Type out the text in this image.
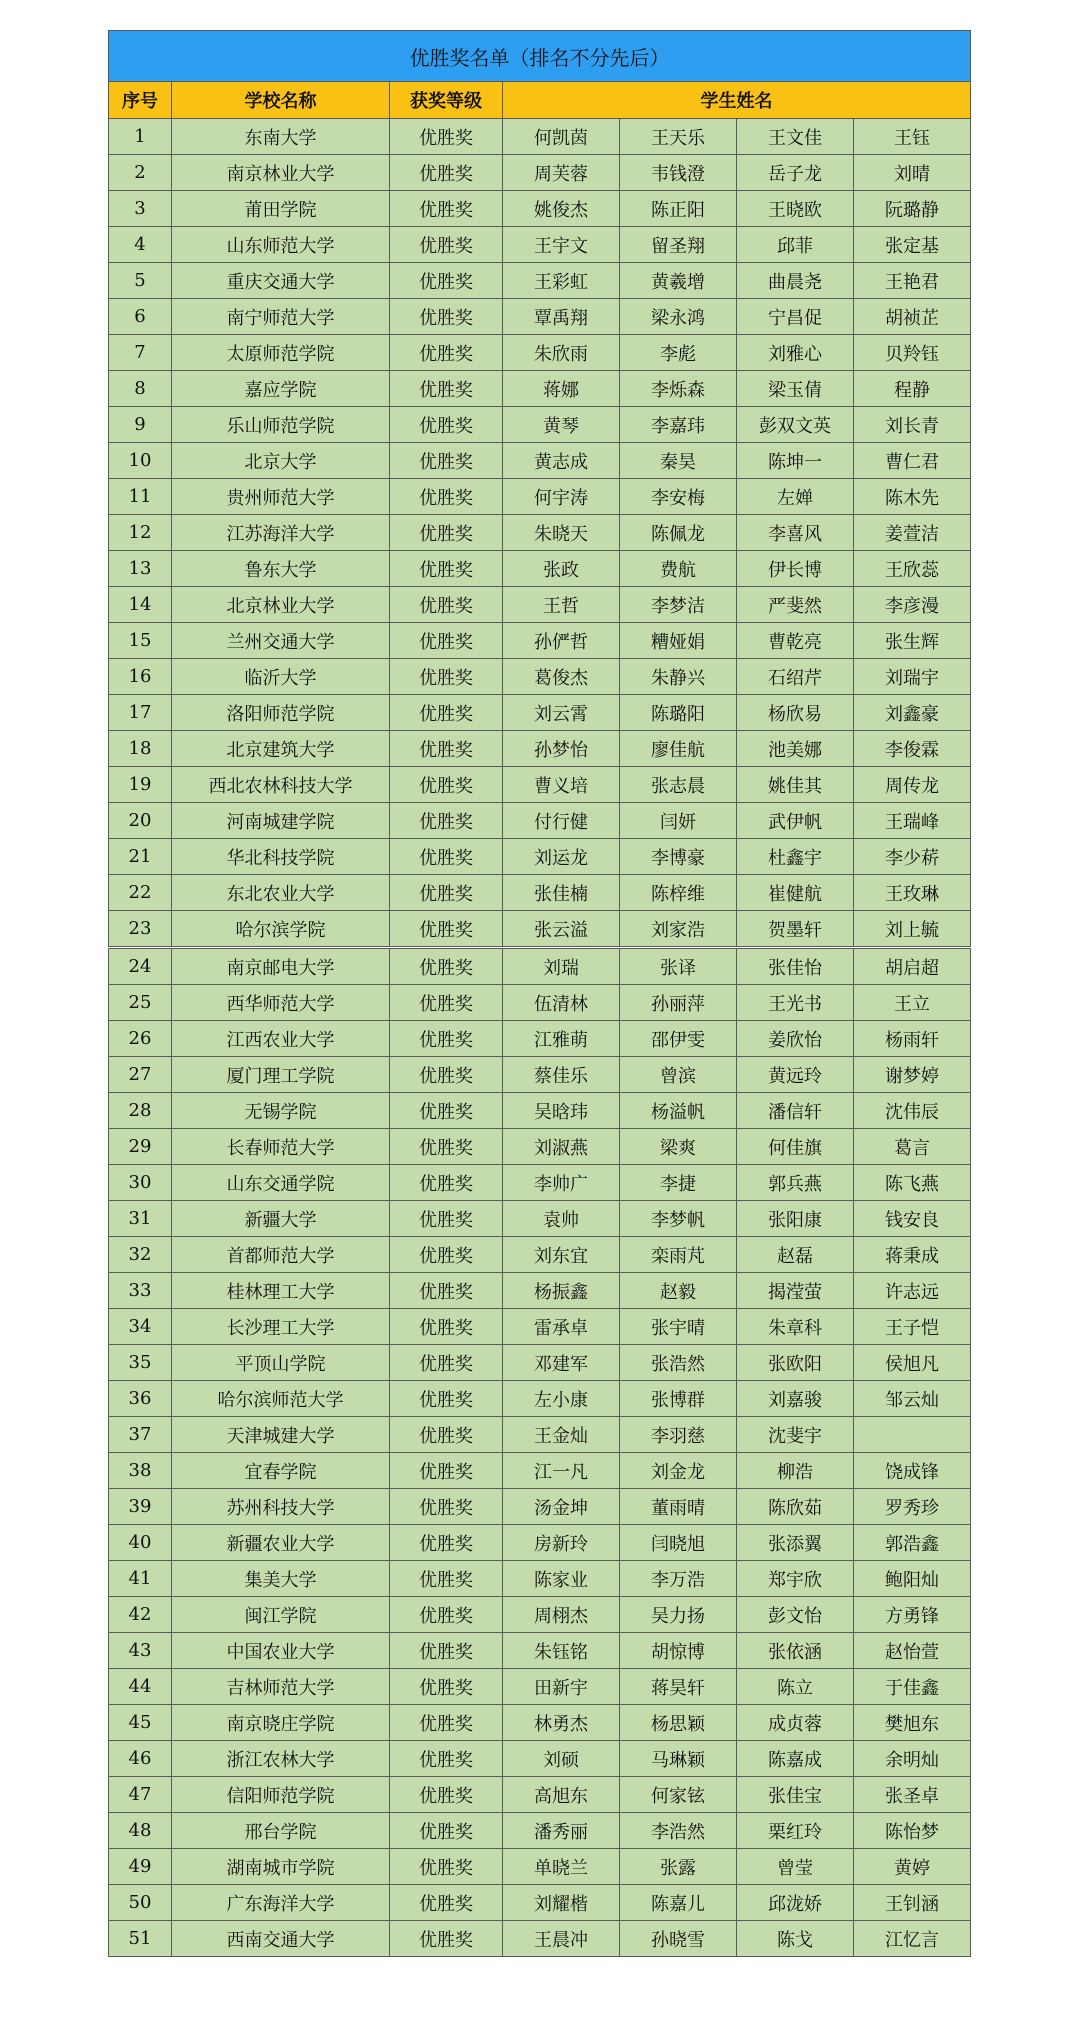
优胜奖名单（排名不分先后）						
序号	学校名称	获奖等级	学生姓名			
1	东南大学	优胜奖	何凯茵	王天乐	王文佳	王钰
2	南京林业大学	优胜奖	周芙蓉	韦钱澄	岳子龙	刘晴
3	莆田学院	优胜奖	姚俊杰	陈正阳	王晓欧	阮璐静
4	山东师范大学	优胜奖	王宇文	留圣翔	邱菲	张定基
5	重庆交通大学	优胜奖	王彩虹	黄羲增	曲晨尧	王艳君
6	南宁师范大学	优胜奖	覃禹翔	梁永鸿	宁昌促	胡祯芷
7	太原师范学院	优胜奖	朱欣雨	李彪	刘雅心	贝羚钰
8	嘉应学院	优胜奖	蒋娜	李烁森	梁玉倩	程静
9	乐山师范学院	优胜奖	黄琴	李嘉玮	彭双文英	刘长青
10	北京大学	优胜奖	黄志成	秦昊	陈坤一	曹仁君
11	贵州师范大学	优胜奖	何宇涛	李安梅	左婵	陈木先
12	江苏海洋大学	优胜奖	朱晓天	陈佩龙	李喜风	姜萱洁
13	鲁东大学	优胜奖	张政	费航	伊长博	王欣蕊
14	北京林业大学	优胜奖	王哲	李梦洁	严斐然	李彦漫
15	兰州交通大学	优胜奖	孙俨哲	糟娅娟	曹乾亮	张生辉
16	临沂大学	优胜奖	葛俊杰	朱静兴	石绍芹	刘瑞宇
17	洛阳师范学院	优胜奖	刘云霄	陈璐阳	杨欣易	刘鑫豪
18	北京建筑大学	优胜奖	孙梦怡	廖佳航	池美娜	李俊霖
19	西北农林科技大学	优胜奖	曹义培	张志晨	姚佳其	周传龙
20	河南城建学院	优胜奖	付行健	闫妍	武伊帆	王瑞峰
21	华北科技学院	优胜奖	刘运龙	李博豪	杜鑫宇	李少菥
22	东北农业大学	优胜奖	张佳楠	陈梓维	崔健航	王玫琳
23	哈尔滨学院	优胜奖	张云溢	刘家浩	贺墨轩	刘上毓

24	南京邮电大学	优胜奖	刘瑞	张译	张佳怡	胡启超
25	西华师范大学	优胜奖	伍清林	孙丽萍	王光书	王立
26	江西农业大学	优胜奖	江雅萌	邵伊雯	姜欣怡	杨雨轩
27	厦门理工学院	优胜奖	蔡佳乐	曾滨	黄远玲	谢梦婷
28	无锡学院	优胜奖	吴晗玮	杨溢帆	潘信轩	沈伟辰
29	长春师范大学	优胜奖	刘淑燕	梁爽	何佳旗	葛言
30	山东交通学院	优胜奖	李帅广	李捷	郭兵燕	陈飞燕
31	新疆大学	优胜奖	袁帅	李梦帆	张阳康	钱安良
32	首都师范大学	优胜奖	刘东宜	栾雨芃	赵磊	蒋秉成
33	桂林理工大学	优胜奖	杨振鑫	赵毅	揭滢萤	许志远
34	长沙理工大学	优胜奖	雷承卓	张宇晴	朱章科	王子恺
35	平顶山学院	优胜奖	邓建军	张浩然	张欧阳	侯旭凡
36	哈尔滨师范大学	优胜奖	左小康	张博群	刘嘉骏	邹云灿
37	天津城建大学	优胜奖	王金灿	李羽慈	沈斐宇	
38	宜春学院	优胜奖	江一凡	刘金龙	柳浩	饶成锋
39	苏州科技大学	优胜奖	汤金坤	董雨晴	陈欣茹	罗秀珍
40	新疆农业大学	优胜奖	房新玲	闫晓旭	张添翼	郭浩鑫
41	集美大学	优胜奖	陈家业	李万浩	郑宇欣	鲍阳灿
42	闽江学院	优胜奖	周栩杰	吴力扬	彭文怡	方勇锋
43	中国农业大学	优胜奖	朱钰铭	胡惊博	张依涵	赵怡萱
44	吉林师范大学	优胜奖	田新宇	蒋昊轩	陈立	于佳鑫
45	南京晓庄学院	优胜奖	林勇杰	杨思颖	成贞蓉	樊旭东
46	浙江农林大学	优胜奖	刘硕	马琳颖	陈嘉成	余明灿
47	信阳师范学院	优胜奖	高旭东	何家铉	张佳宝	张圣卓
48	邢台学院	优胜奖	潘秀丽	李浩然	栗红玲	陈怡梦
49	湖南城市学院	优胜奖	单晓兰	张露	曾莹	黄婷
50	广东海洋大学	优胜奖	刘耀楷	陈嘉儿	邱泷娇	王钊涵
51	西南交通大学	优胜奖	王晨冲	孙晓雪	陈戈	江忆言
